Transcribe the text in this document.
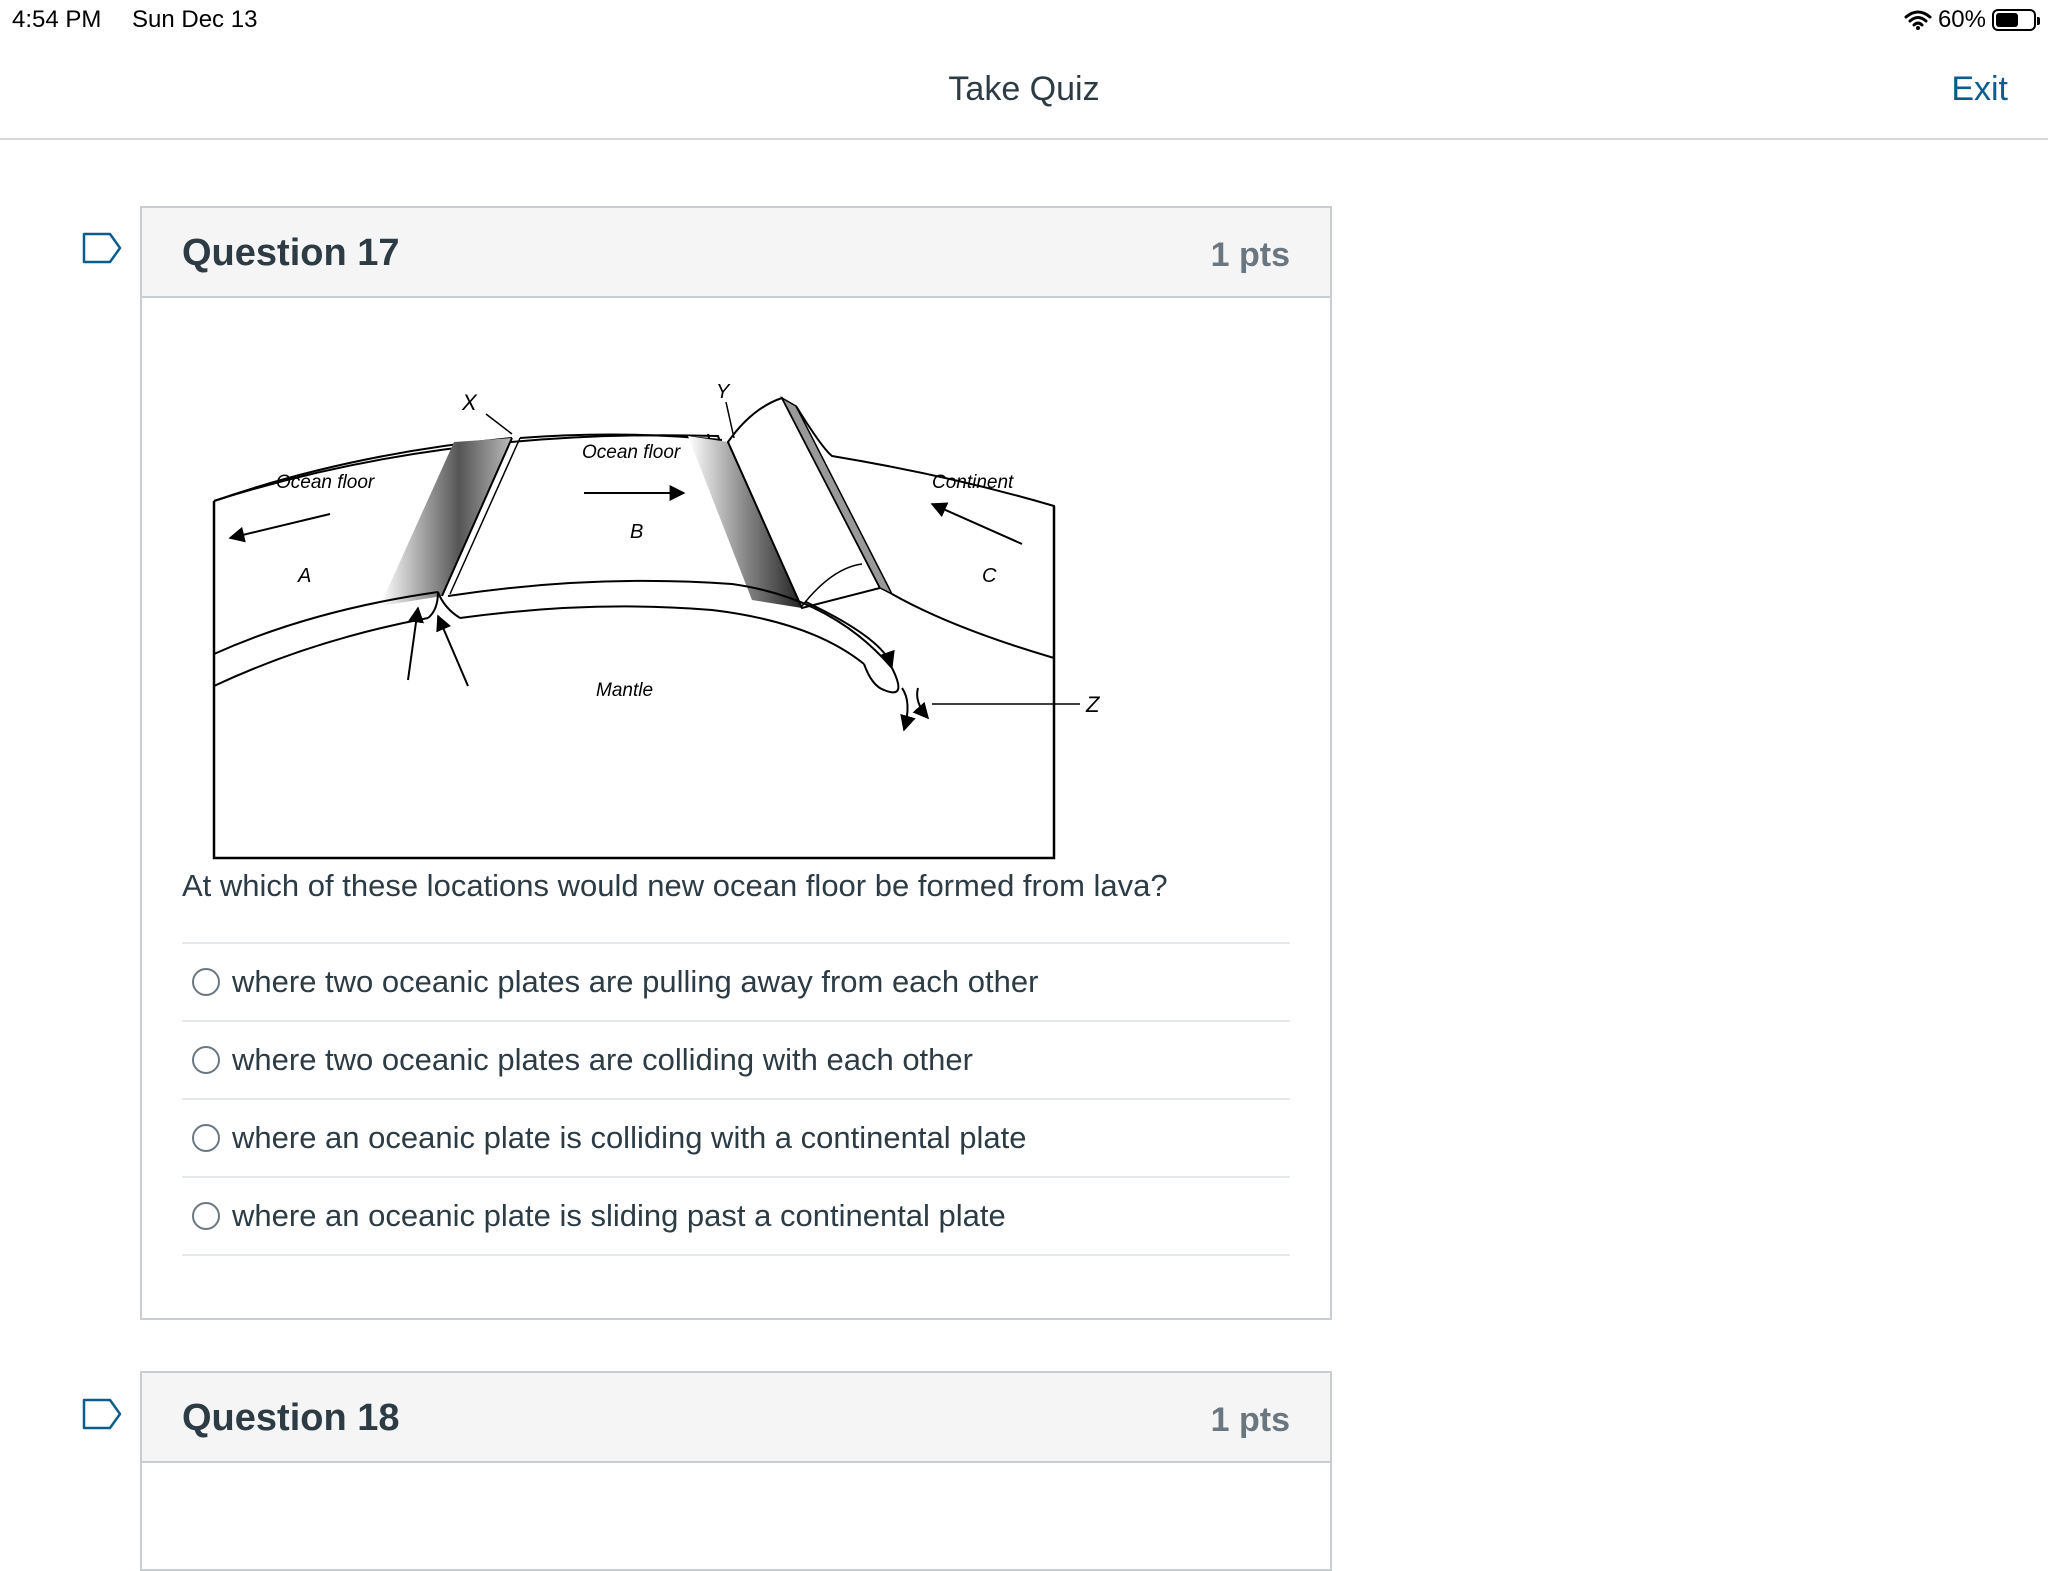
4:54 PM Sun Dec 13	60%
Take Quiz	Exit
Question 17	1 pts
X	Y
Z
Ocean floor
Ocean floor
Continent
A
B
C
Mantle
At which of these locations would new ocean floor be formed from lava?
where two oceanic plates are pulling away from each other
where two oceanic plates are colliding with each other
where an oceanic plate is colliding with a continental plate
where an oceanic plate is sliding past a continental plate
Question 18	1 pts
